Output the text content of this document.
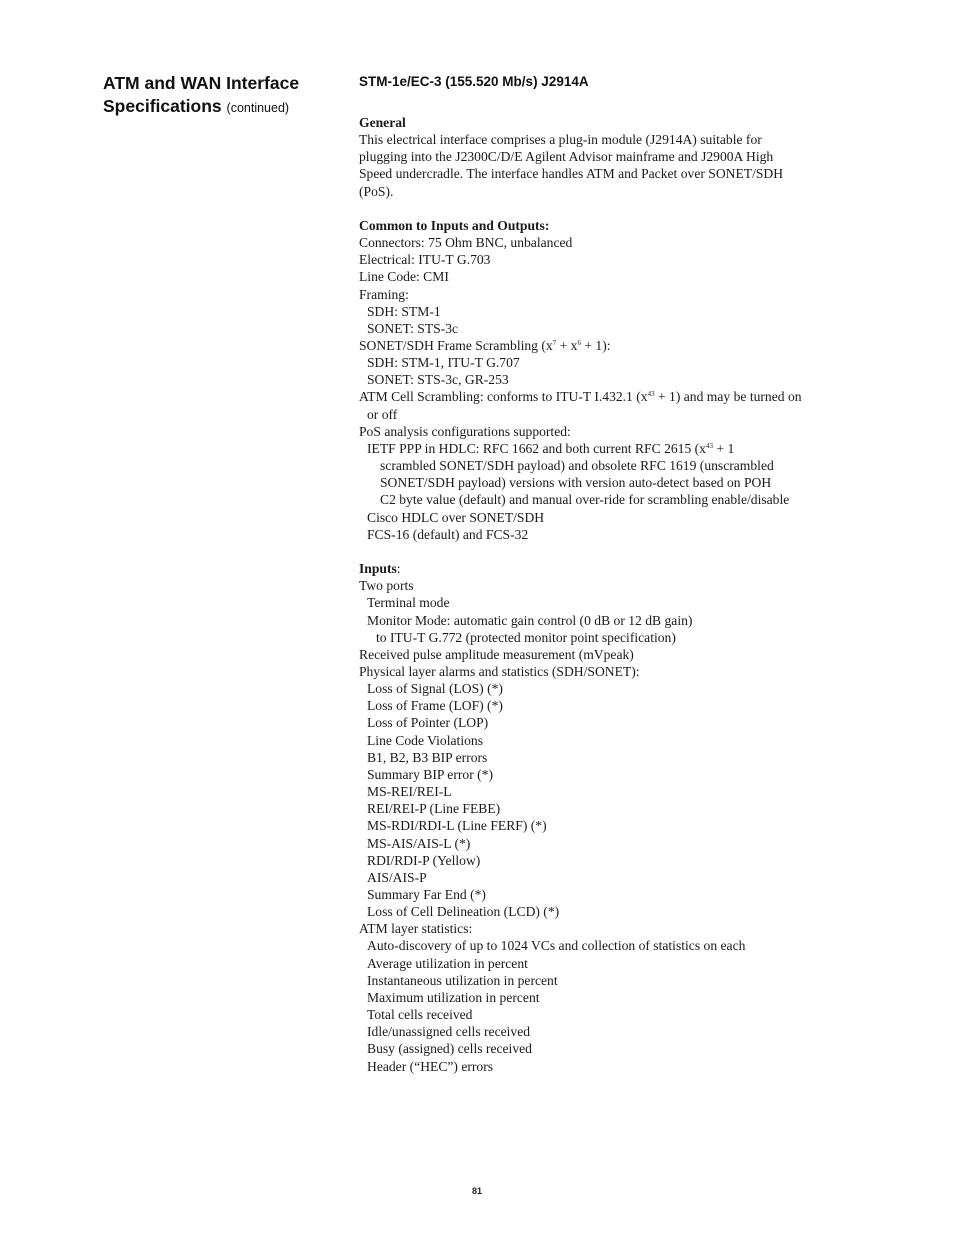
ATM and WAN Interface
Specifications (continued)
STM-1e/EC-3 (155.520 Mb/s) J2914A
General
This electrical interface comprises a plug-in module (J2914A) suitable for
plugging into the J2300C/D/E Agilent Advisor mainframe and J2900A High
Speed undercradle. The interface handles ATM and Packet over SONET/SDH
(PoS).
Common to Inputs and Outputs:
Connectors: 75 Ohm BNC, unbalanced
Electrical: ITU-T G.703
Line Code: CMI
Framing:
SDH: STM-1
SONET: STS-3c
SONET/SDH Frame Scrambling $(x^7 + x^6 + 1)$:
SDH: STM-1, ITU-T G.707
SONET: STS-3c, GR-253
ATM Cell Scrambling: conforms to ITU-T I.432.1 $(x^{43} + 1)$ and may be turned on
or off
PoS analysis configurations supported:
IETF PPP in HDLC: RFC 1662 and both current RFC 2615 ($x^{43} + 1$
scrambled SONET/SDH payload) and obsolete RFC 1619 (unscrambled
SONET/SDH payload) versions with version auto-detect based on POH
C2 byte value (default) and manual over-ride for scrambling enable/disable
Cisco HDLC over SONET/SDH
FCS-16 (default) and FCS-32
Inputs:
Two ports
Terminal mode
Monitor Mode: automatic gain control (0 dB or 12 dB gain)
to ITU-T G.772 (protected monitor point specification)
Received pulse amplitude measurement (mVpeak)
Physical layer alarms and statistics (SDH/SONET):
Loss of Signal (LOS) (*)
Loss of Frame (LOF) (*)
Loss of Pointer (LOP)
Line Code Violations
B1, B2, B3 BIP errors
Summary BIP error (*)
MS-REI/REI-L
REI/REI-P (Line FEBE)
MS-RDI/RDI-L (Line FERF) (*)
MS-AIS/AIS-L (*)
RDI/RDI-P (Yellow)
AIS/AIS-P
Summary Far End (*)
Loss of Cell Delineation (LCD) (*)
ATM layer statistics:
Auto-discovery of up to 1024 VCs and collection of statistics on each
Average utilization in percent
Instantaneous utilization in percent
Maximum utilization in percent
Total cells received
Idle/unassigned cells received
Busy (assigned) cells received
Header (“HEC”) errors
81
